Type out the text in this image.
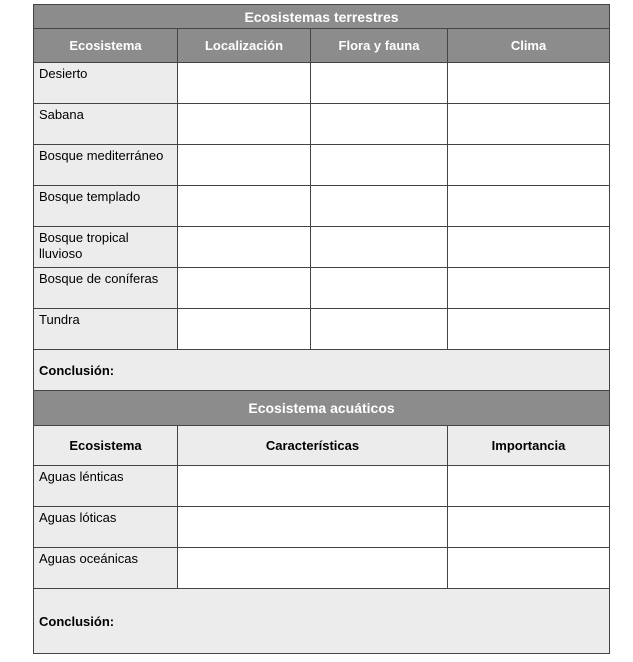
Ecosistemas terrestres			
Ecosistema	Localización	Flora y fauna	Clima
Desierto			
Sabana			
Bosque mediterráneo			
Bosque templado			
Bosque tropical lluvioso			
Bosque de coníferas			
Tundra			
Conclusión:			
Ecosistema acuáticos		
Ecosistema	Características	Importancia
Aguas lénticas		
Aguas lóticas		
Aguas oceánicas		
Conclusión:		
